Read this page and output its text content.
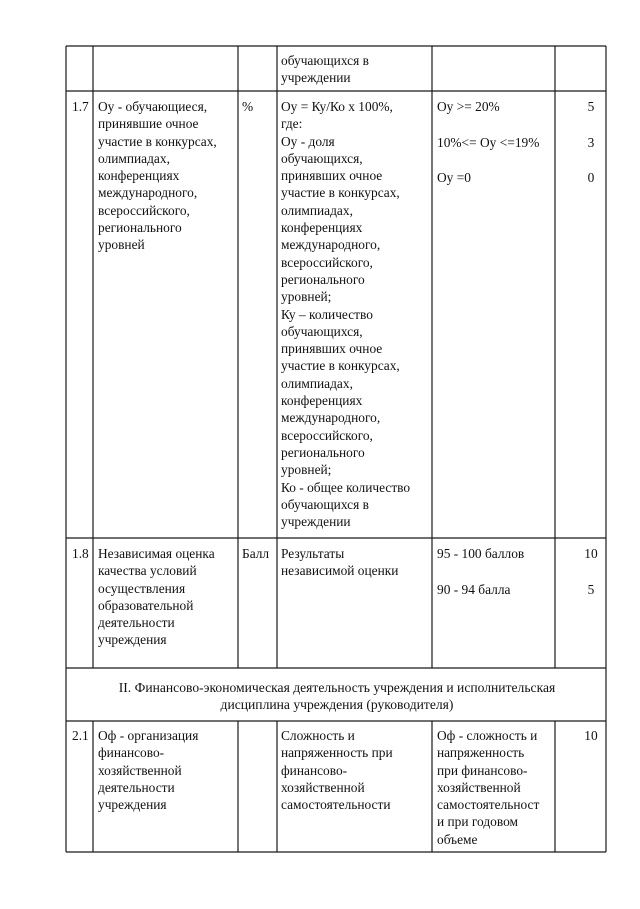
обучающихся в
учреждении
1.7 Оу - обучающиеся,
принявшие очное
участие в конкурсах,
олимпиадах,
конференциях
международного,
всероссийского,
регионального
уровней
% Оу = Ку/Ко х 100%,
где:
Оу - доля
обучающихся,
принявших очное
участие в конкурсах,
олимпиадах,
конференциях
международного,
всероссийского,
регионального
уровней;
Ку – количество
обучающихся,
принявших очное
участие в конкурсах,
олимпиадах,
конференциях
международного,
всероссийского,
регионального
уровней;
Ко - общее количество
обучающихся в
учреждении
Оу >= 20%
10%<= Оу <=19%
Оу =0
5
3
0
1.8 Независимая оценка
качества условий
осуществления
образовательной
деятельности
учреждения
Балл Результаты
независимой оценки
95 - 100 баллов
90 - 94 балла
10
5
II. Финансово-экономическая деятельность учреждения и исполнительская
дисциплина учреждения (руководителя)
2.1 Оф - организация
финансово-
хозяйственной
деятельности
учреждения
Сложность и
напряженность при
финансово-
хозяйственной
самостоятельности
Оф - сложность и
напряженность
при финансово-
хозяйственной
самостоятельност
и при годовом
объеме
10
